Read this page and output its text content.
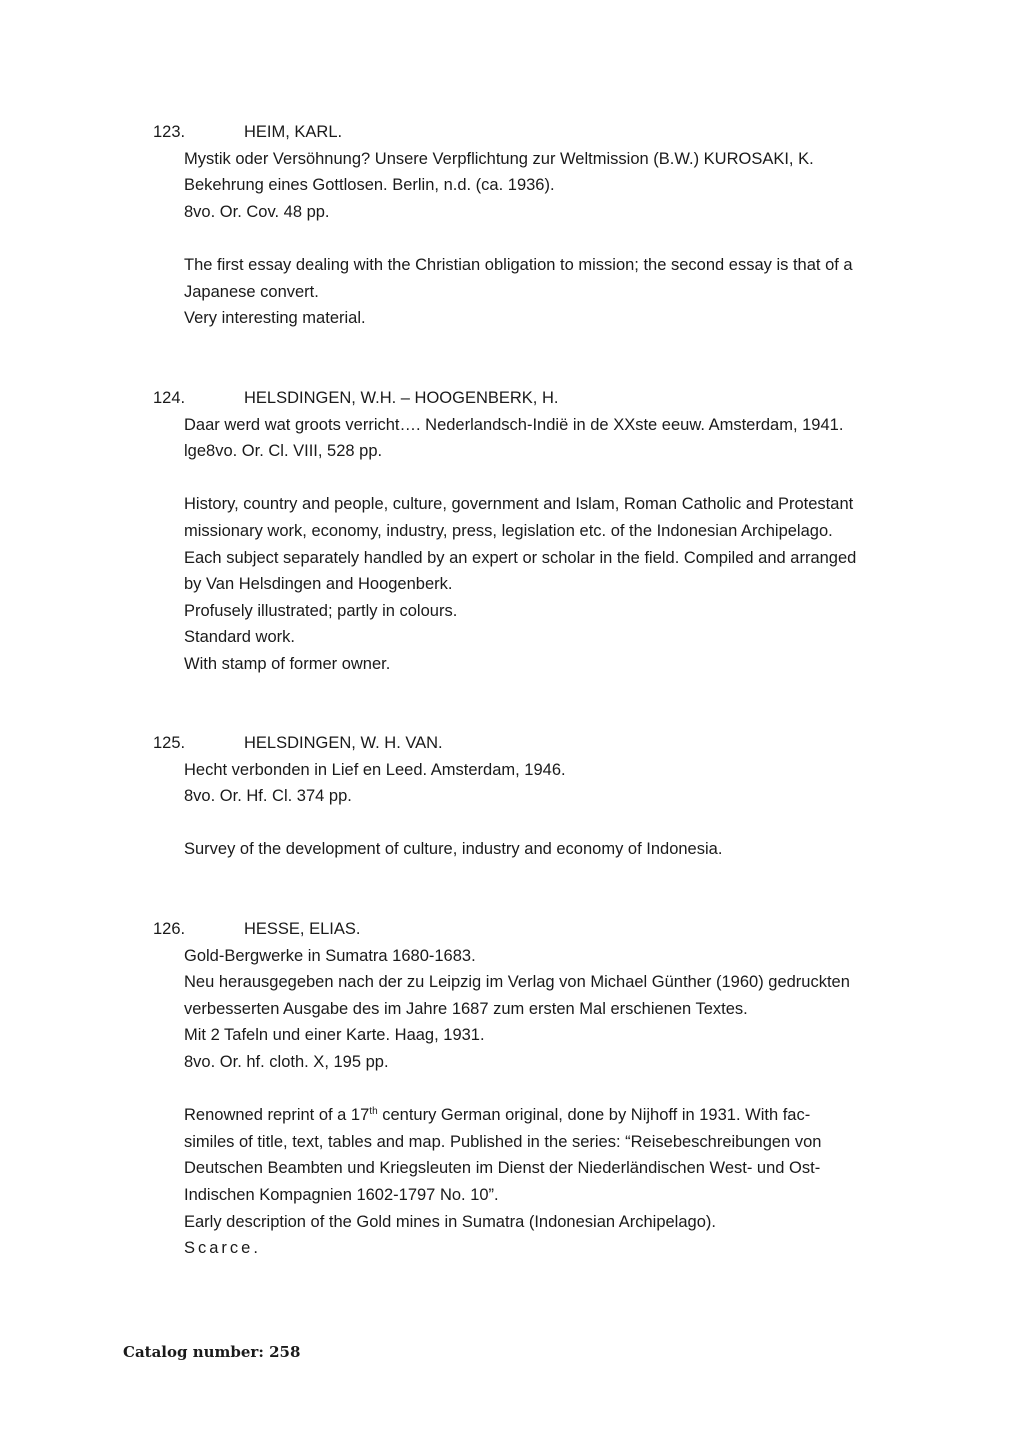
123.	HEIM, KARL.
Mystik oder Versöhnung? Unsere Verpflichtung zur Weltmission (B.W.) KUROSAKI, K.
Bekehrung eines Gottlosen. Berlin, n.d. (ca. 1936).
8vo. Or. Cov. 48 pp.
The first essay dealing with the Christian obligation to mission; the second essay is that of a
Japanese convert.
Very interesting material.
124.	HELSDINGEN, W.H. – HOOGENBERK, H.
Daar werd wat groots verricht…. Nederlandsch-Indië in de XXste eeuw. Amsterdam, 1941.
lge8vo. Or. Cl. VIII, 528 pp.
History, country and people, culture, government and Islam, Roman Catholic and Protestant
missionary work, economy, industry, press, legislation etc. of the Indonesian Archipelago.
Each subject separately handled by an expert or scholar in the field. Compiled and arranged
by Van Helsdingen and Hoogenberk.
Profusely illustrated; partly in colours.
Standard work.
With stamp of former owner.
125.	HELSDINGEN, W. H. VAN.
Hecht verbonden in Lief en Leed. Amsterdam, 1946.
8vo. Or. Hf. Cl. 374 pp.
Survey of the development of culture, industry and economy of Indonesia.
126.	HESSE, ELIAS.
Gold-Bergwerke in Sumatra 1680-1683.
Neu herausgegeben nach der zu Leipzig im Verlag von Michael Günther (1960) gedruckten
verbesserten Ausgabe des im Jahre 1687 zum ersten Mal erschienen Textes.
Mit 2 Tafeln und einer Karte. Haag, 1931.
8vo. Or. hf. cloth. X, 195 pp.
Renowned reprint of a 17th century German original, done by Nijhoff in 1931. With fac-
similes of title, text, tables and map. Published in the series: “Reisebeschreibungen von
Deutschen Beambten und Kriegsleuten im Dienst der Niederländischen West- und Ost-
Indischen Kompagnien 1602-1797 No. 10”.
Early description of the Gold mines in Sumatra (Indonesian Archipelago).
Scarce.
Catalog number: 258
